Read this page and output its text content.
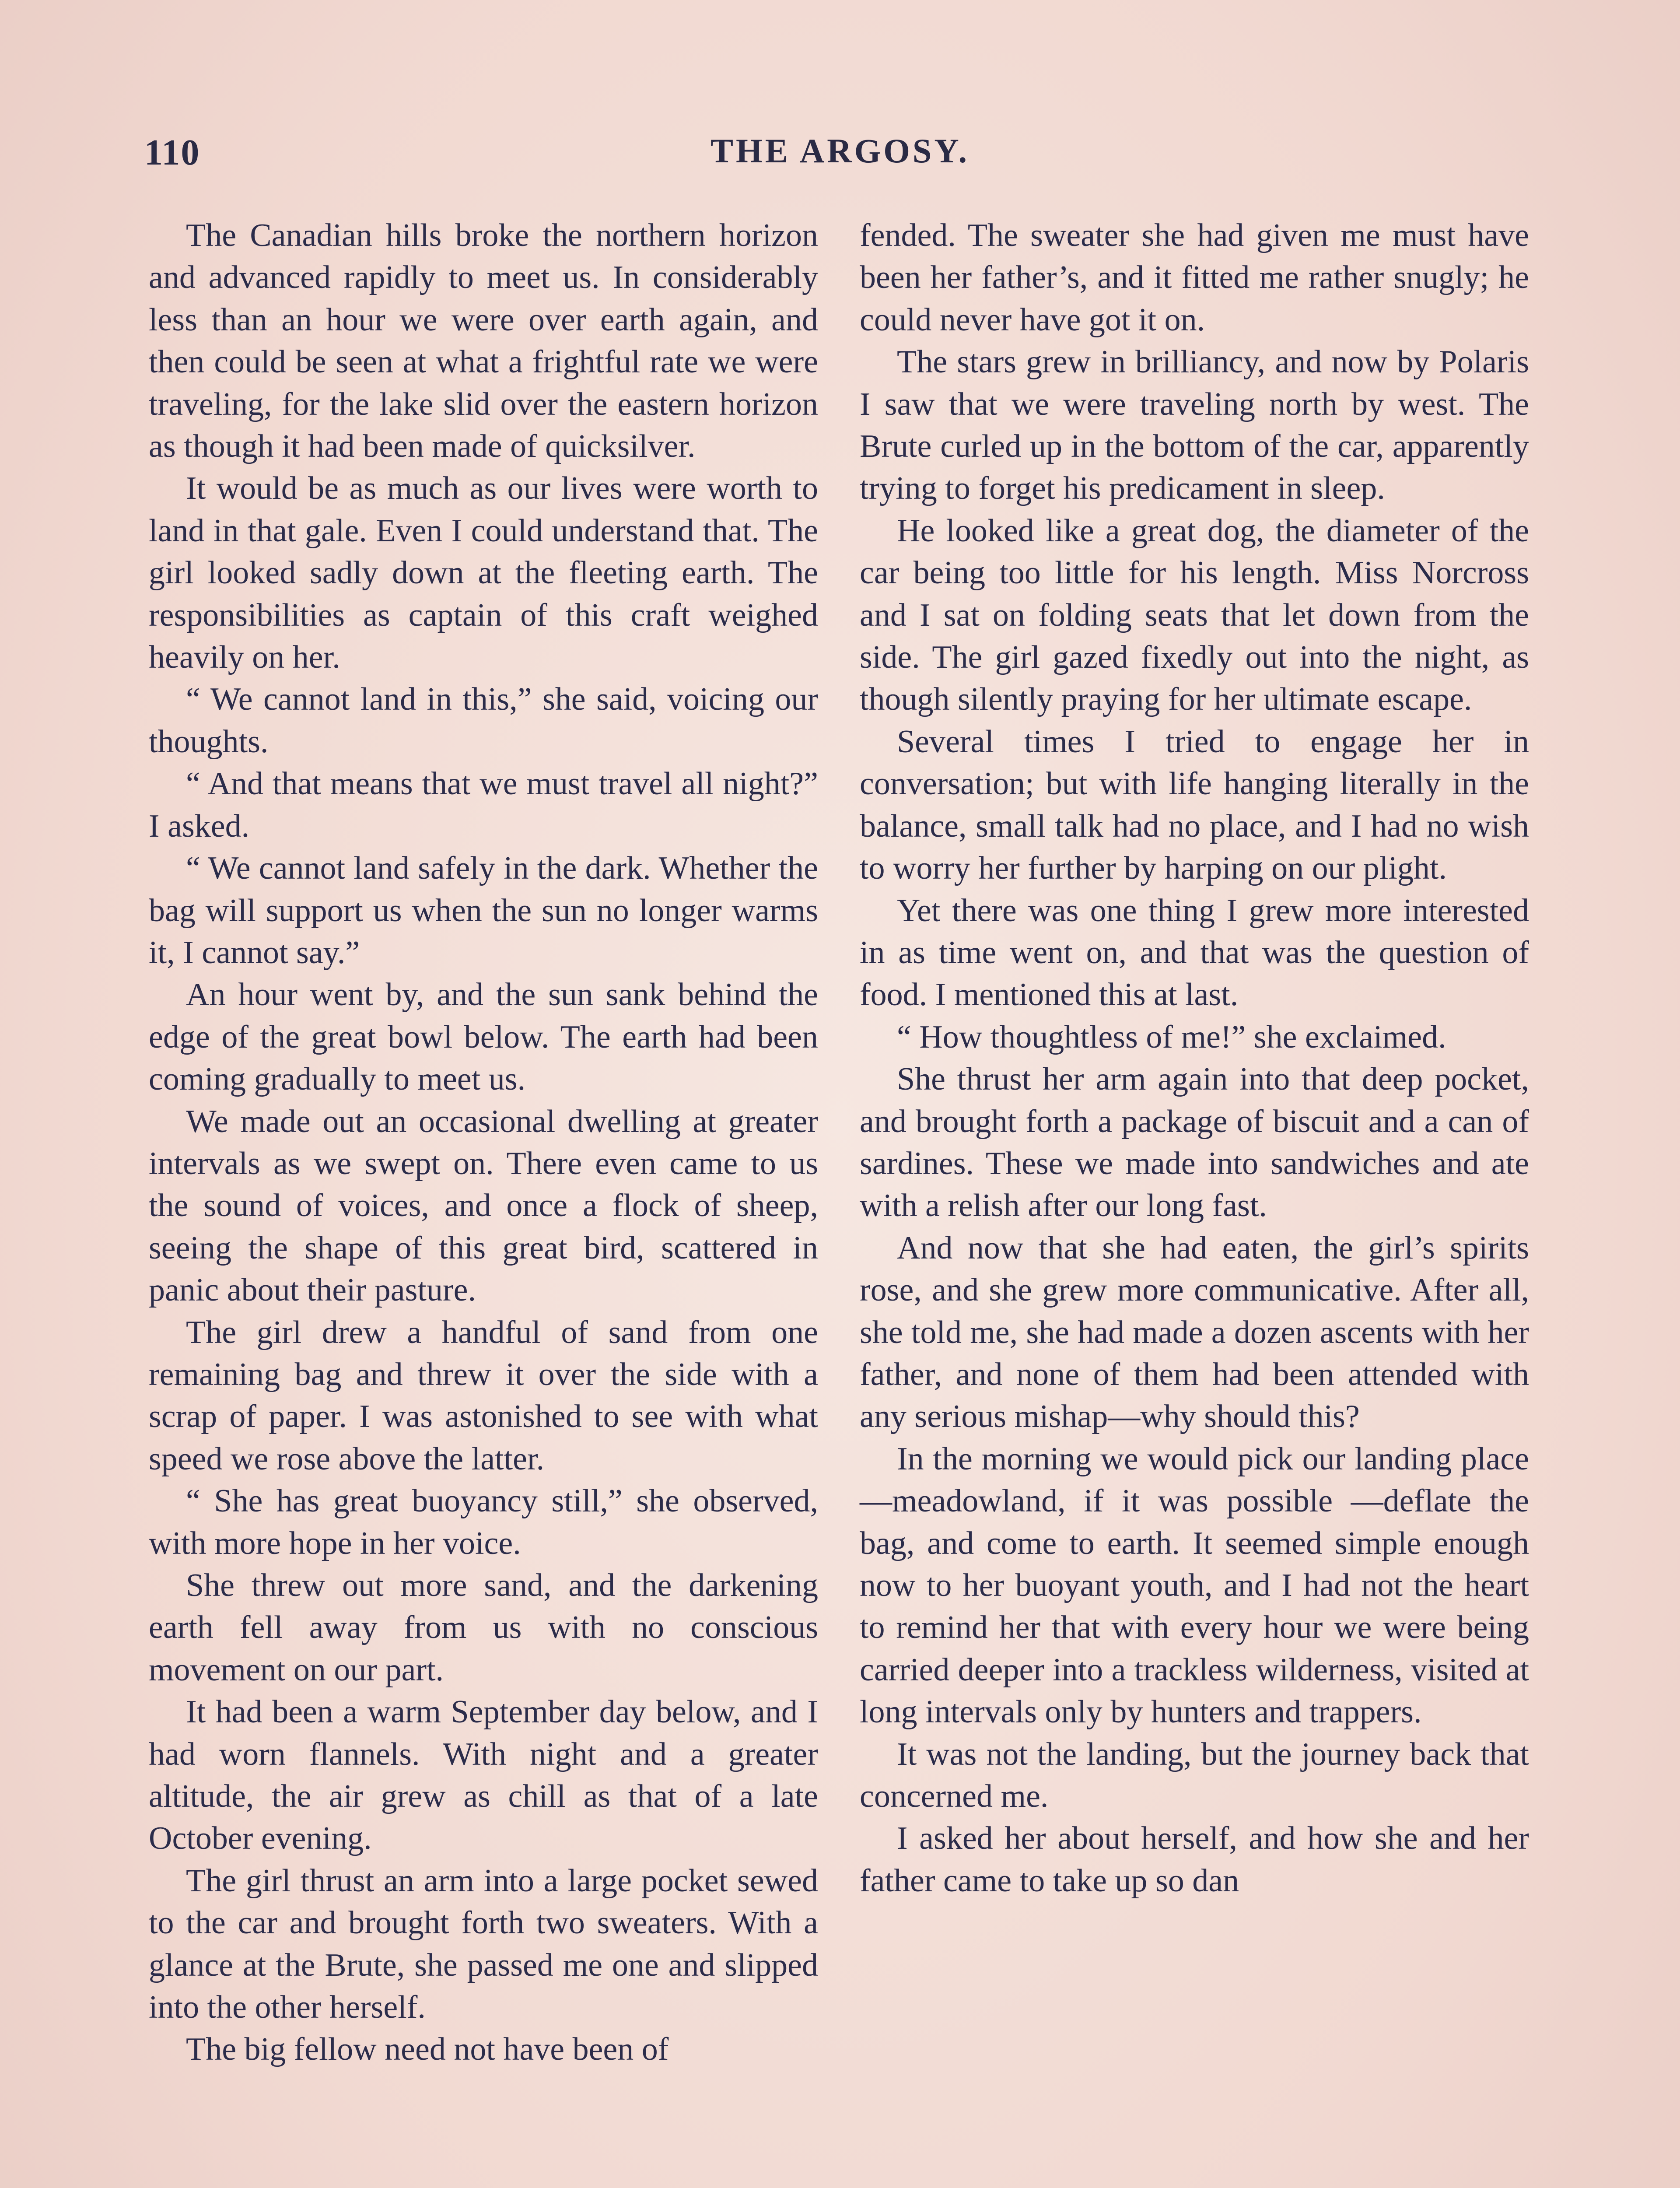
110	THE ARGOSY.

The Canadian hills broke the northern horizon and advanced rapidly to meet us. In considerably less than an hour we were over earth again, and then could be seen at what a frightful rate we were traveling, for the lake slid over the eastern horizon as though it had been made of quicksilver.

It would be as much as our lives were worth to land in that gale. Even I could understand that. The girl looked sadly down at the fleeting earth. The responsibilities as captain of this craft weighed heavily on her.

“ We cannot land in this,” she said, voicing our thoughts.

“ And that means that we must travel all night?” I asked.

“ We cannot land safely in the dark. Whether the bag will support us when the sun no longer warms it, I cannot say.”

An hour went by, and the sun sank behind the edge of the great bowl below. The earth had been coming gradually to meet us.

We made out an occasional dwelling at greater intervals as we swept on. There even came to us the sound of voices, and once a flock of sheep, seeing the shape of this great bird, scattered in panic about their pasture.

The girl drew a handful of sand from one remaining bag and threw it over the side with a scrap of paper. I was astonished to see with what speed we rose above the latter.

“ She has great buoyancy still,” she observed, with more hope in her voice.

She threw out more sand, and the darkening earth fell away from us with no conscious movement on our part.

It had been a warm September day below, and I had worn flannels. With night and a greater altitude, the air grew as chill as that of a late October evening.

The girl thrust an arm into a large pocket sewed to the car and brought forth two sweaters. With a glance at the Brute, she passed me one and slipped into the other herself.

The big fellow need not have been of

fended. The sweater she had given me must have been her father’s, and it fitted me rather snugly; he could never have got it on.

The stars grew in brilliancy, and now by Polaris I saw that we were traveling north by west. The Brute curled up in the bottom of the car, apparently trying to forget his predicament in sleep.

He looked like a great dog, the diameter of the car being too little for his length. Miss Norcross and I sat on folding seats that let down from the side. The girl gazed fixedly out into the night, as though silently praying for her ultimate escape.

Several times I tried to engage her in conversation; but with life hanging literally in the balance, small talk had no place, and I had no wish to worry her further by harping on our plight.

Yet there was one thing I grew more interested in as time went on, and that was the question of food. I mentioned this at last.

“ How thoughtless of me!” she exclaimed.

She thrust her arm again into that deep pocket, and brought forth a package of biscuit and a can of sardines. These we made into sandwiches and ate with a relish after our long fast.

And now that she had eaten, the girl’s spirits rose, and she grew more communicative. After all, she told me, she had made a dozen ascents with her father, and none of them had been attended with any serious mishap—why should this?

In the morning we would pick our landing place—meadowland, if it was possible —deflate the bag, and come to earth. It seemed simple enough now to her buoyant youth, and I had not the heart to remind her that with every hour we were being carried deeper into a trackless wilderness, visited at long intervals only by hunters and trappers.

It was not the landing, but the journey back that concerned me.

I asked her about herself, and how she and her father came to take up so dan
